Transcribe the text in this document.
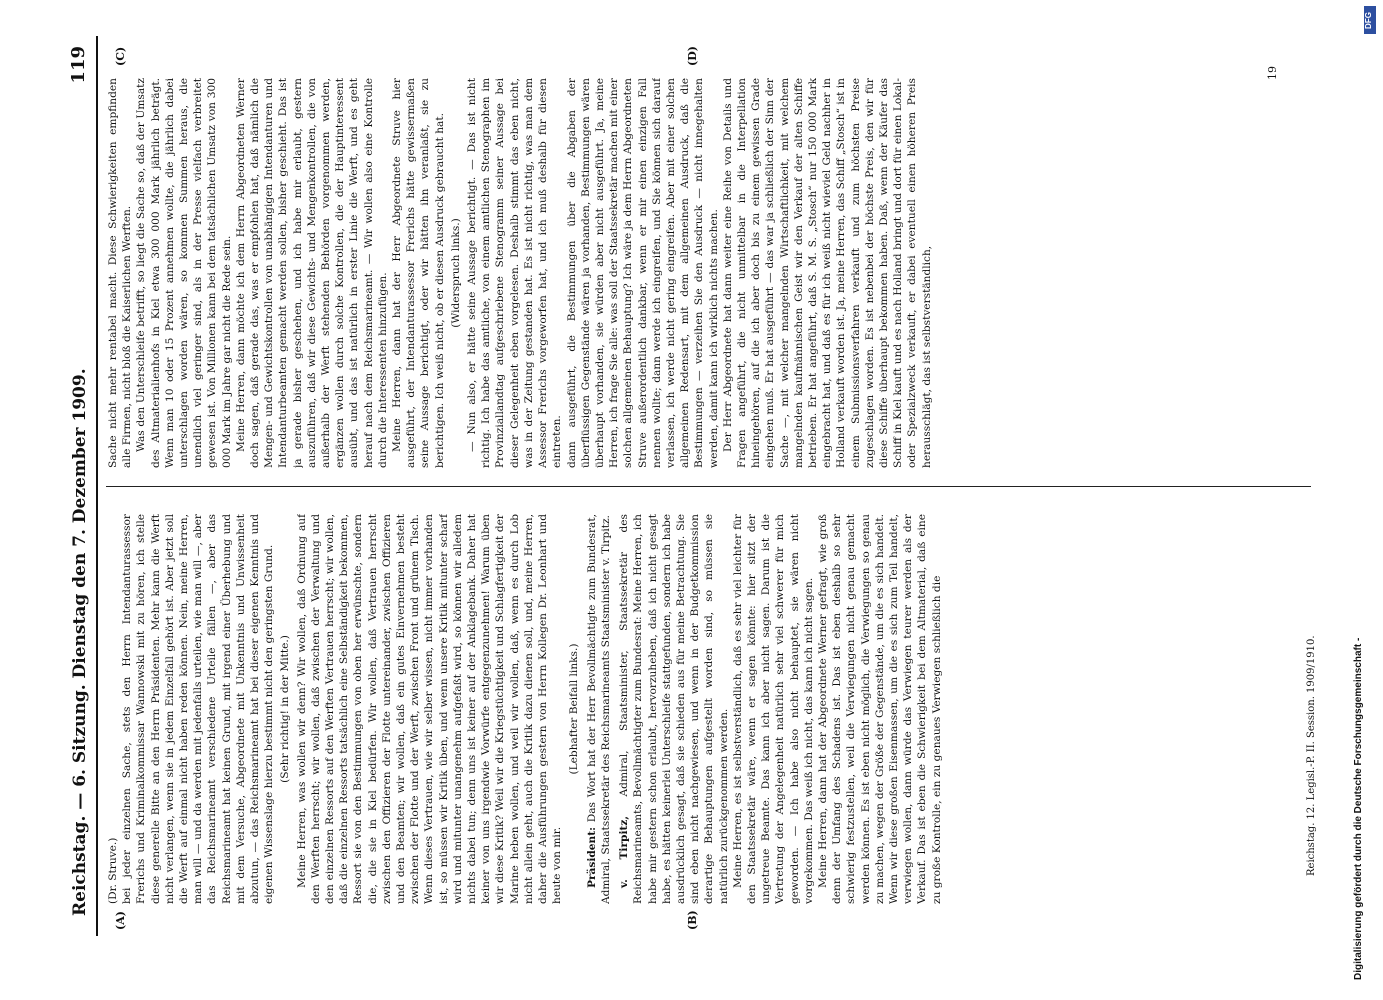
Reichstag. — 6. Sitzung. Dienstag den 7. Dezember 1909.
119
(A)	(B)
(C)	(D)

(Dr. Struve.) bei jeder einzelnen Sache, stets den Herrn Intendanturassessor Frerichs und Kriminalkommissar Wannowski mit zu hören, ich stelle diese generelle Bitte an den Herrn Präsidenten. Mehr kann die Werft nicht verlangen, wenn sie in jedem Einzelfall gehört ist. Aber jetzt soll die Werft auf einmal nicht haben reden können. Nein, meine Herren, man will — und da werden mit jedenfalls urteilen, wie man will —, aber das Reichsmarineamt verschiedene Urteile fällen —, aber das Reichsmarineamt hat keinen Grund, mit irgend einer Überhebung und mit dem Versuche, Abgeordnete mit Unkenntnis und Unwissenheit abzutun, — das Reichsmarineamt hat bei dieser eigenen Kenntnis und eigenen Wissenslage hierzu bestimmt nicht den geringsten Grund. (Sehr richtig! in der Mitte.) Meine Herren, was wollen wir denn? Wir wollen, daß Ordnung auf den Werften herrscht; wir wollen, daß zwischen der Verwaltung und den einzelnen Ressorts auf den Werften Vertrauen herrscht; wir wollen, daß die einzelnen Ressorts tatsächlich eine Selbständigkeit bekommen, Ressort sie von den Bestimmungen von oben her erwünschte, sondern die, die sie in Kiel bedürfen. Wir wollen, daß Vertrauen herrscht zwischen den Offizieren der Flotte untereinander, zwischen Offizieren und den Beamten; wir wollen, daß ein gutes Einvernehmen besteht zwischen der Flotte und der Werft, zwischen Front und grünem Tisch. Wenn dieses Vertrauen, wie wir selber wissen, nicht immer vorhanden ist, so müssen wir Kritik üben, und wenn unsere Kritik mitunter scharf wird und mitunter unangenehm aufgefaßt wird, so können wir alledem nichts dabei tun; denn uns ist keiner auf der Anklagebank. Daher hat keiner von uns irgendwie Vorwürfe entgegenzunehmen! Warum üben wir diese Kritik? Weil wir die Kriegstüchtigkeit und Schlagfertigkeit der Marine heben wollen, und weil wir wollen, daß, wenn es durch Lob nicht allein geht, auch die Kritik dazu dienen soll, und, meine Herren, daher die Ausführungen gestern von Herrn Kollegen Dr. Leonhart und heute von mir.

(Lebhafter Beifall links.)

Präsident: Das Wort hat der Herr Bevollmächtigte zum Bundesrat, Admiral, Staatssekretär des Reichsmarineamts Staatsminister v. Tirpitz. v. Tirpitz, Admiral, Staatsminister, Staatssekretär des Reichsmarineamts, Bevollmächtigter zum Bundesrat: Meine Herren, ich habe mir gestern schon erlaubt, hervorzuheben, daß ich nicht gesagt habe, es hätten keinerlei Unterschleife stattgefunden, sondern ich habe ausdrücklich gesagt, daß sie schieden aus für meine Betrachtung. Sie sind eben nicht nachgewiesen, und wenn in der Budgetkommission derartige Behauptungen aufgestellt worden sind, so müssen sie natürlich zurückgenommen werden. Meine Herren, es ist selbstverständlich, daß es sehr viel leichter für den Staatssekretär wäre, wenn er sagen könnte: hier sitzt der ungetreue Beamte. Das kann ich aber nicht sagen. Darum ist die Vertretung der Angelegenheit natürlich sehr viel schwerer für mich geworden. — Ich habe also nicht behauptet, sie wären nicht vorgekommen. Das weiß ich nicht, das kann ich nicht sagen. Meine Herren, dann hat der Abgeordnete Werner gefragt, wie groß denn der Umfang des Schadens ist. Das ist eben deshalb so sehr schwierig festzustellen, weil die Verwiegungen nicht genau gemacht werden können. Es ist eben nicht möglich, die Verwiegungen so genau zu machen, wegen der Größe der Gegenstände, um die es sich handelt. Wenn wir diese großen Eisenmassen, um die es sich zum Teil handelt, verwiegen wollen, dann würde das Verwiegen teurer werden als der Verkauf. Das ist eben die Schwierigkeit bei dem Altmaterial, daß eine zu große Kontrolle, ein zu genaues Verwiegen schließlich die

Sache nicht mehr rentabel macht. Diese Schwierigkeiten empfinden alle Firmen, nicht bloß die Kaiserlichen Werften. Was den Unterschleife betrifft, so liegt die Sache so, daß der Umsatz des Altmaterialienhofs in Kiel etwa 300 000 Mark jährlich beträgt. Wenn man 10 oder 15 Prozent annehmen wollte, die jährlich dabei unterschlagen worden wären, so kommen Summen heraus, die unendlich viel geringer sind, als in der Presse vielfach verbreitet gewesen ist. Von Millionen kann bei dem tatsächlichen Umsatz von 300 000 Mark im Jahre gar nicht die Rede sein. Meine Herren, dann möchte ich dem Herrn Abgeordneten Werner doch sagen, daß gerade das, was er empfohlen hat, daß nämlich die Mengen- und Gewichtskontrollen von unabhängigen Intendanturen und Intendanturbeamten gemacht werden sollen, bisher geschieht. Das ist ja gerade bisher geschehen, und ich habe mir erlaubt, gestern auszuführen, daß wir diese Gewichts- und Mengenkontrollen, die von außerhalb der Werft stehenden Behörden vorgenommen werden, ergänzen wollen durch solche Kontrollen, die der Hauptinteressent ausübt, und das ist natürlich in erster Linie die Werft, und es geht herauf nach dem Reichsmarineamt. — Wir wollen also eine Kontrolle durch die Interessenten hinzufügen. Meine Herren, dann hat der Herr Abgeordnete Struve hier ausgeführt, der Intendanturassessor Frerichs hätte gewissermaßen seine Aussage berichtigt, oder wir hätten ihn veranlaßt, sie zu berichtigen. Ich weiß nicht, ob er diesen Ausdruck gebraucht hat. (Widerspruch links.) — Nun also, er hätte seine Aussage berichtigt. — Das ist nicht richtig. Ich habe das amtliche, von einem amtlichen Stenographen im Provinziallandtag aufgeschriebene Stenogramm seiner Aussage bei dieser Gelegenheit eben vorgelesen. Deshalb stimmt das eben nicht, was in der Zeitung gestanden hat. Es ist nicht richtig, was man dem Assessor Frerichs vorgeworfen hat, und ich muß deshalb für diesen eintreten. dann ausgeführt, die Bestimmungen über die Abgaben der überflüssigen Gegenstände wären ja vorhanden, Bestimmungen wären überhaupt vorhanden, sie würden aber nicht ausgeführt. Ja, meine Herren, ich frage Sie alle: was soll der Staatssekretär machen mit einer solchen allgemeinen Behauptung? Ich wäre ja dem Herrn Abgeordneten Struve außerordentlich dankbar, wenn er mir einen einzigen Fall nennen wollte; dann werde ich eingreifen, und Sie können sich darauf verlassen, ich werde nicht gering eingreifen. Aber mit einer solchen allgemeinen Redensart, mit dem allgemeinen Ausdruck, daß die Bestimmungen — verzeihen Sie den Ausdruck — nicht innegehalten werden, damit kann ich wirklich nichts machen. Der Herr Abgeordnete hat dann weiter eine Reihe von Details und Fragen angeführt, die nicht unmittelbar in die Interpellation hineingehören, auf die ich aber doch bis zu einem gewissen Grade eingehen muß. Er hat ausgeführt — das war ja schließlich der Sinn der Sache —, mit welcher mangelnden Wirtschaftlichkeit, mit welchem mangelnden kaufmännischen Geist wir den Verkauf der alten Schiffe betrieben. Er hat angeführt, daß S. M. S. „Stosch“ nur 150 000 Mark eingebracht hat, und daß es für ich weiß nicht wieviel Geld nachher in Holland verkauft worden ist. Ja, meine Herren, das Schiff „Stosch“ ist in einem Submissionsverfahren verkauft und zum höchsten Preise zugeschlagen worden. Es ist nebenbei der höchste Preis, den wir für diese Schiffe überhaupt bekommen haben. Daß, wenn der Käufer das Schiff in Kiel kauft und es nach Holland bringt und dort für einen Lokal- oder Spezialzweck verkauft, er dabei eventuell einen höheren Preis herausschlägt, das ist selbstverständlich,

Reichstag. 12. Legisl.-P. II. Session. 1909/1910.
19
Digitalisierung gefördert durch die Deutsche Forschungsgemeinschaft -
DFG
